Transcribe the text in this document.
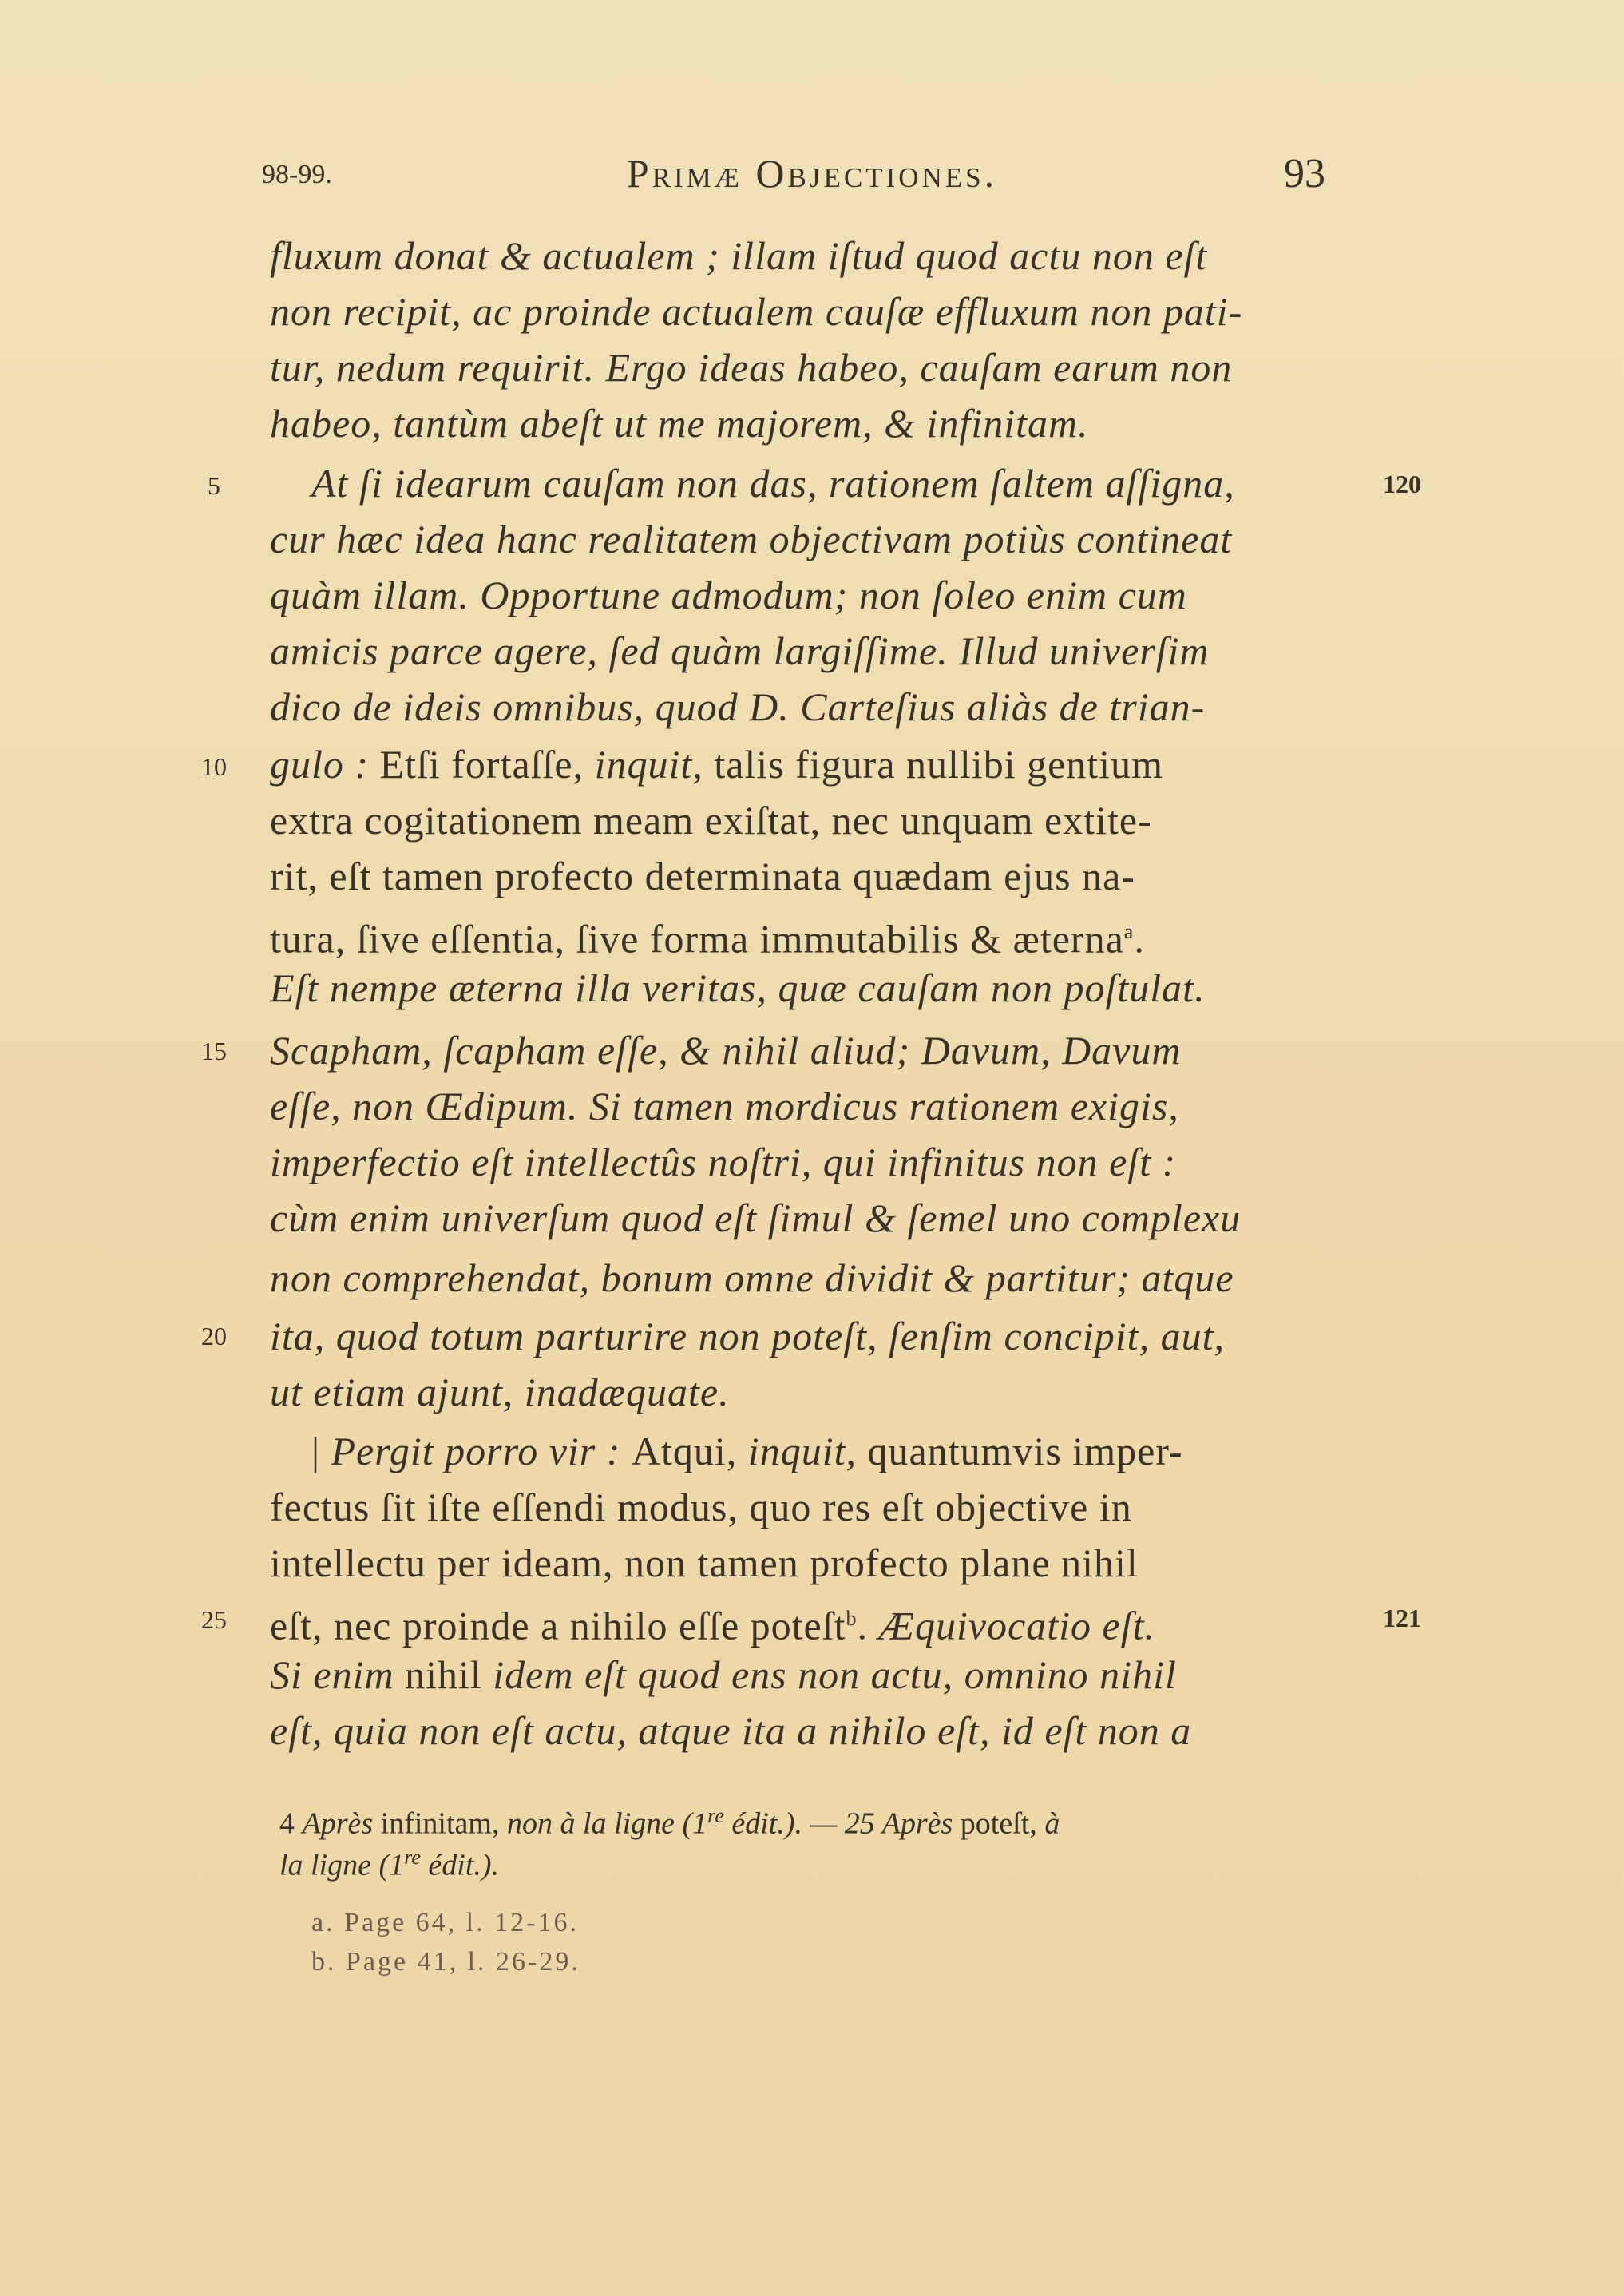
98-99.	Primæ Objectiones.	93
fluxum donat & actualem ; illam iſtud quod actu non eſt
non recipit, ac proinde actualem cauſæ effluxum non pati-
tur, nedum requirit. Ergo ideas habeo, cauſam earum non
habeo, tantùm abeſt ut me majorem, & infinitam.
At ſi idearum cauſam non das, rationem ſaltem aſſigna,
cur hæc idea hanc realitatem objectivam potiùs contineat
quàm illam. Opportune admodum; non ſoleo enim cum
amicis parce agere, ſed quàm largiſſime. Illud univerſim
dico de ideis omnibus, quod D. Carteſius aliàs de trian-
gulo : Etſi fortaſſe, inquit, talis figura nullibi gentium
extra cogitationem meam exiſtat, nec unquam extite-
rit, eſt tamen profecto determinata quædam ejus na-
tura, ſive eſſentia, ſive forma immutabilis & æterna$^a$.
Eſt nempe æterna illa veritas, quæ cauſam non poſtulat.
Scapham, ſcapham eſſe, & nihil aliud; Davum, Davum
eſſe, non Œdipum. Si tamen mordicus rationem exigis,
imperfectio eſt intellectûs noſtri, qui infinitus non eſt :
cùm enim univerſum quod eſt ſimul & ſemel uno complexu
non comprehendat, bonum omne dividit & partitur; atque
ita, quod totum parturire non poteſt, ſenſim concipit, aut,
ut etiam ajunt, inadæquate.
| Pergit porro vir : Atqui, inquit, quantumvis imper-
fectus ſit iſte eſſendi modus, quo res eſt objective in
intellectu per ideam, non tamen profecto plane nihil
eſt, nec proinde a nihilo eſſe poteſt$^b$. Æquivocatio eſt.
Si enim nihil idem eſt quod ens non actu, omnino nihil
eſt, quia non eſt actu, atque ita a nihilo eſt, id eſt non a
5
10
15
20
25
120
121
4 Après infinitam, non à la ligne (1re édit.). — 25 Après poteſt, à
la ligne (1re édit.).
a. Page 64, l. 12-16.
b. Page 41, l. 26-29.
